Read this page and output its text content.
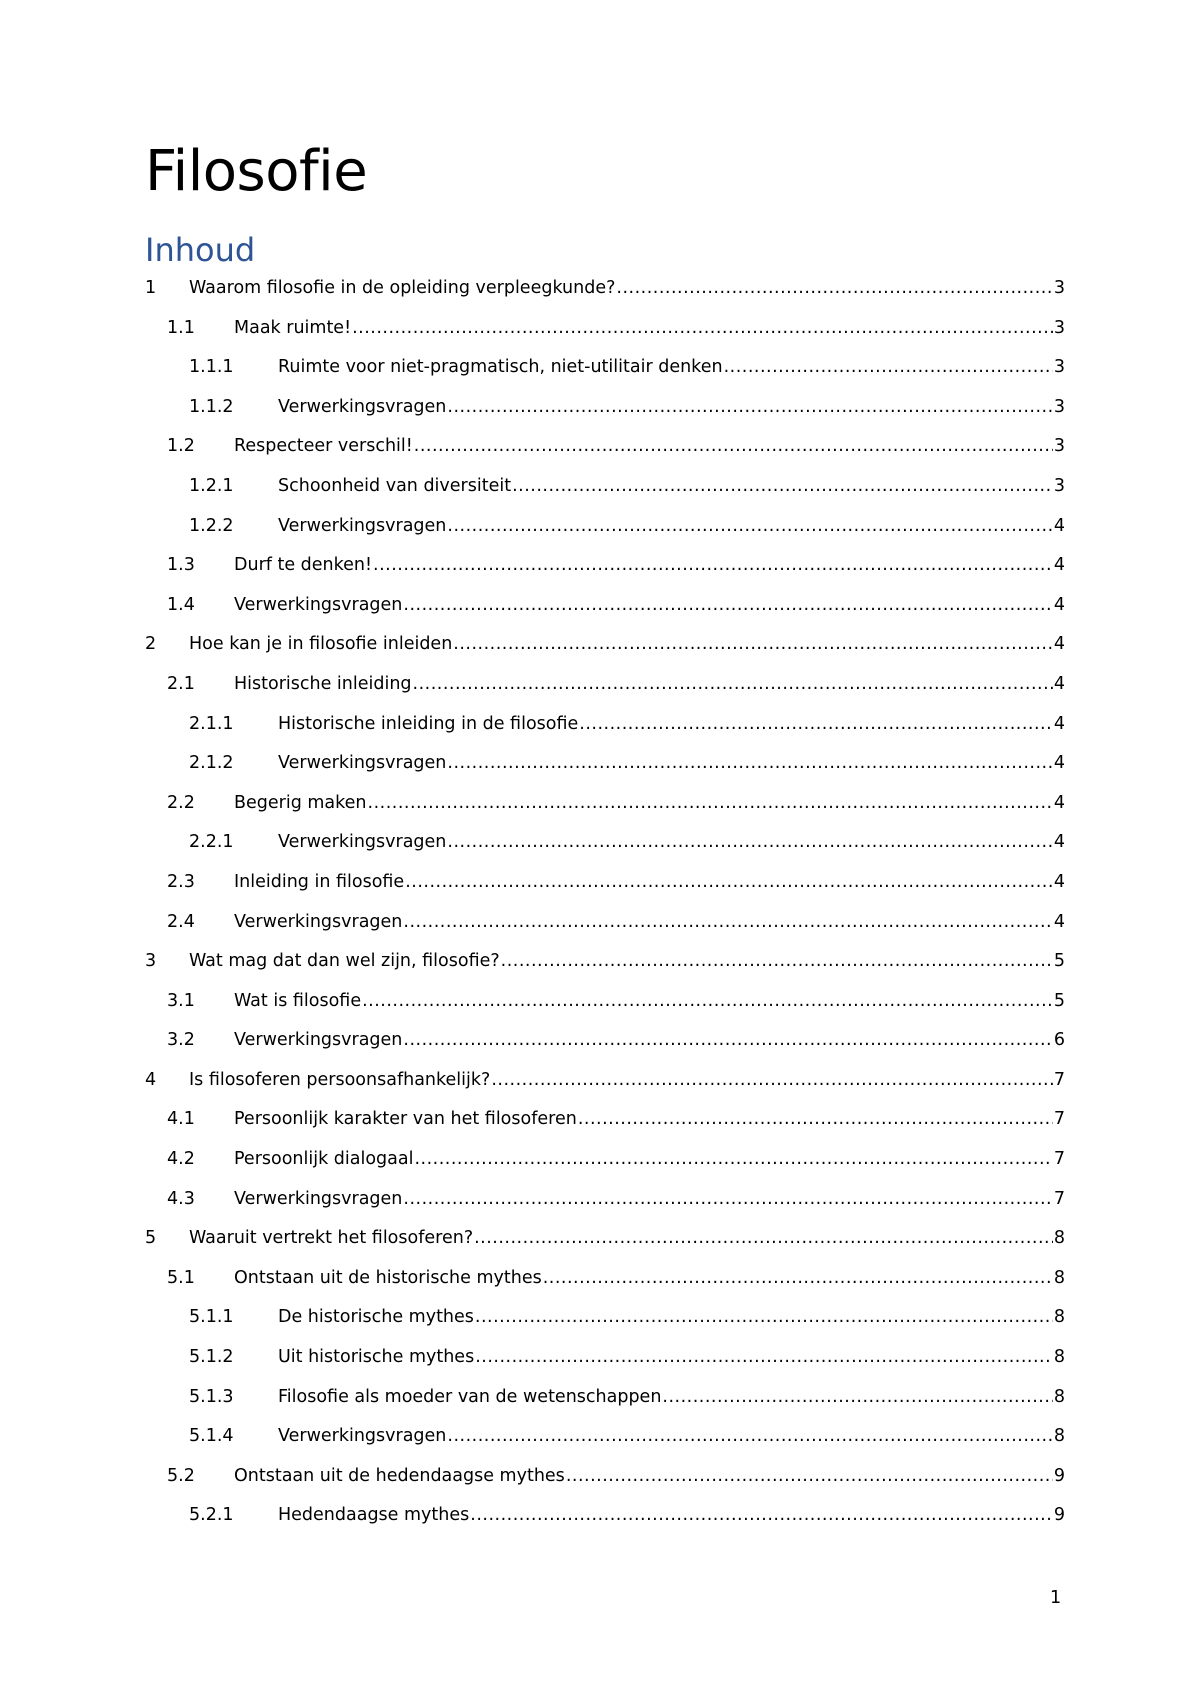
Filosofie
Inhoud
1	Waarom filosofie in de opleiding verpleegkunde? .....	3
1.1	Maak ruimte! .....	3
1.1.1	Ruimte voor niet-pragmatisch, niet-utilitair denken .....	3
1.1.2	Verwerkingsvragen .....	3
1.2	Respecteer verschil! .....	3
1.2.1	Schoonheid van diversiteit .....	3
1.2.2	Verwerkingsvragen .....	4
1.3	Durf te denken! .....	4
1.4	Verwerkingsvragen .....	4
2	Hoe kan je in filosofie inleiden .....	4
2.1	Historische inleiding .....	4
2.1.1	Historische inleiding in de filosofie .....	4
2.1.2	Verwerkingsvragen .....	4
2.2	Begerig maken .....	4
2.2.1	Verwerkingsvragen .....	4
2.3	Inleiding in filosofie .....	4
2.4	Verwerkingsvragen .....	4
3	Wat mag dat dan wel zijn, filosofie? .....	5
3.1	Wat is filosofie .....	5
3.2	Verwerkingsvragen .....	6
4	Is filosoferen persoonsafhankelijk? .....	7
4.1	Persoonlijk karakter van het filosoferen .....	7
4.2	Persoonlijk dialogaal .....	7
4.3	Verwerkingsvragen .....	7
5	Waaruit vertrekt het filosoferen? .....	8
5.1	Ontstaan uit de historische mythes .....	8
5.1.1	De historische mythes .....	8
5.1.2	Uit historische mythes .....	8
5.1.3	Filosofie als moeder van de wetenschappen .....	8
5.1.4	Verwerkingsvragen .....	8
5.2	Ontstaan uit de hedendaagse mythes .....	9
5.2.1	Hedendaagse mythes .....	9
1
